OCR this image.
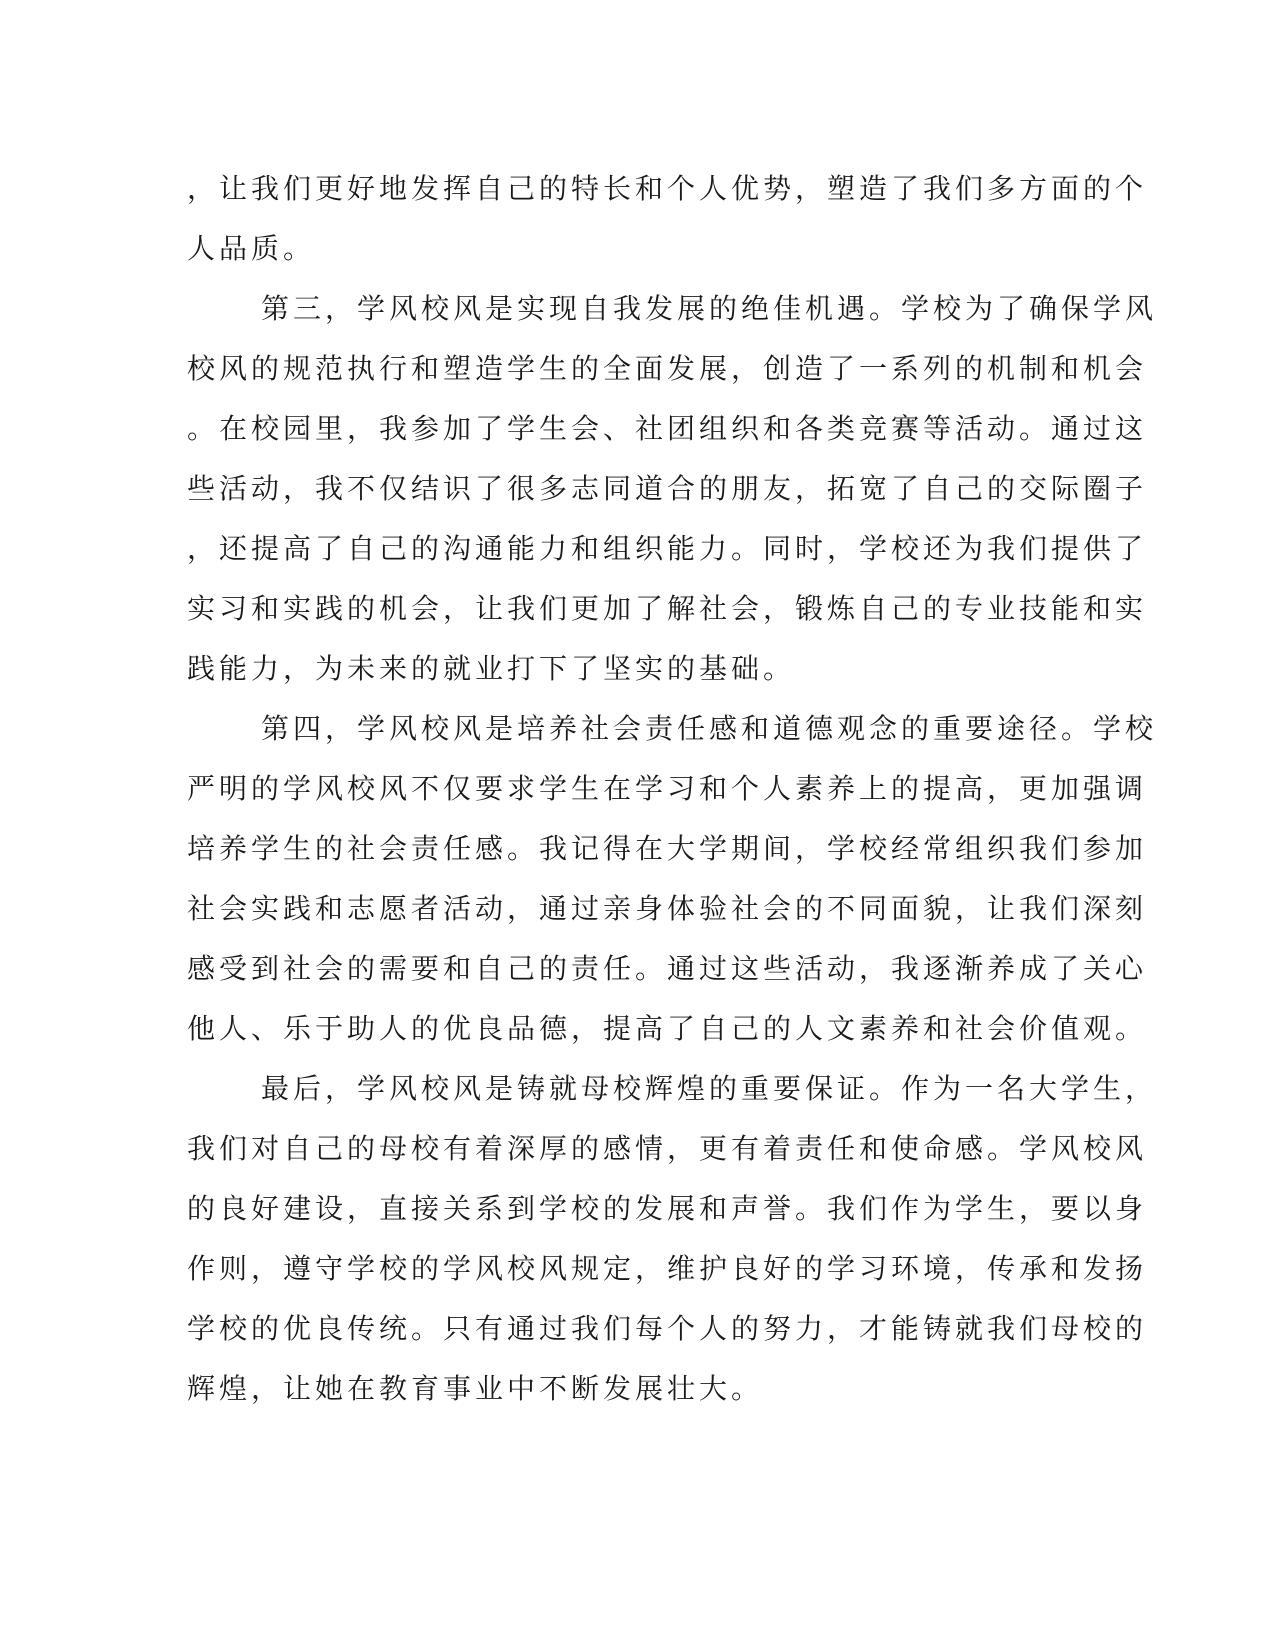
，让我们更好地发挥自己的特长和个人优势，塑造了我们多方面的个
人品质。
第三，学风校风是实现自我发展的绝佳机遇。学校为了确保学风
校风的规范执行和塑造学生的全面发展，创造了一系列的机制和机会
。在校园里，我参加了学生会、社团组织和各类竞赛等活动。通过这
些活动，我不仅结识了很多志同道合的朋友，拓宽了自己的交际圈子
，还提高了自己的沟通能力和组织能力。同时，学校还为我们提供了
实习和实践的机会，让我们更加了解社会，锻炼自己的专业技能和实
践能力，为未来的就业打下了坚实的基础。
第四，学风校风是培养社会责任感和道德观念的重要途径。学校
严明的学风校风不仅要求学生在学习和个人素养上的提高，更加强调
培养学生的社会责任感。我记得在大学期间，学校经常组织我们参加
社会实践和志愿者活动，通过亲身体验社会的不同面貌，让我们深刻
感受到社会的需要和自己的责任。通过这些活动，我逐渐养成了关心
他人、乐于助人的优良品德，提高了自己的人文素养和社会价值观。
最后，学风校风是铸就母校辉煌的重要保证。作为一名大学生，
我们对自己的母校有着深厚的感情，更有着责任和使命感。学风校风
的良好建设，直接关系到学校的发展和声誉。我们作为学生，要以身
作则，遵守学校的学风校风规定，维护良好的学习环境，传承和发扬
学校的优良传统。只有通过我们每个人的努力，才能铸就我们母校的
辉煌，让她在教育事业中不断发展壮大。
